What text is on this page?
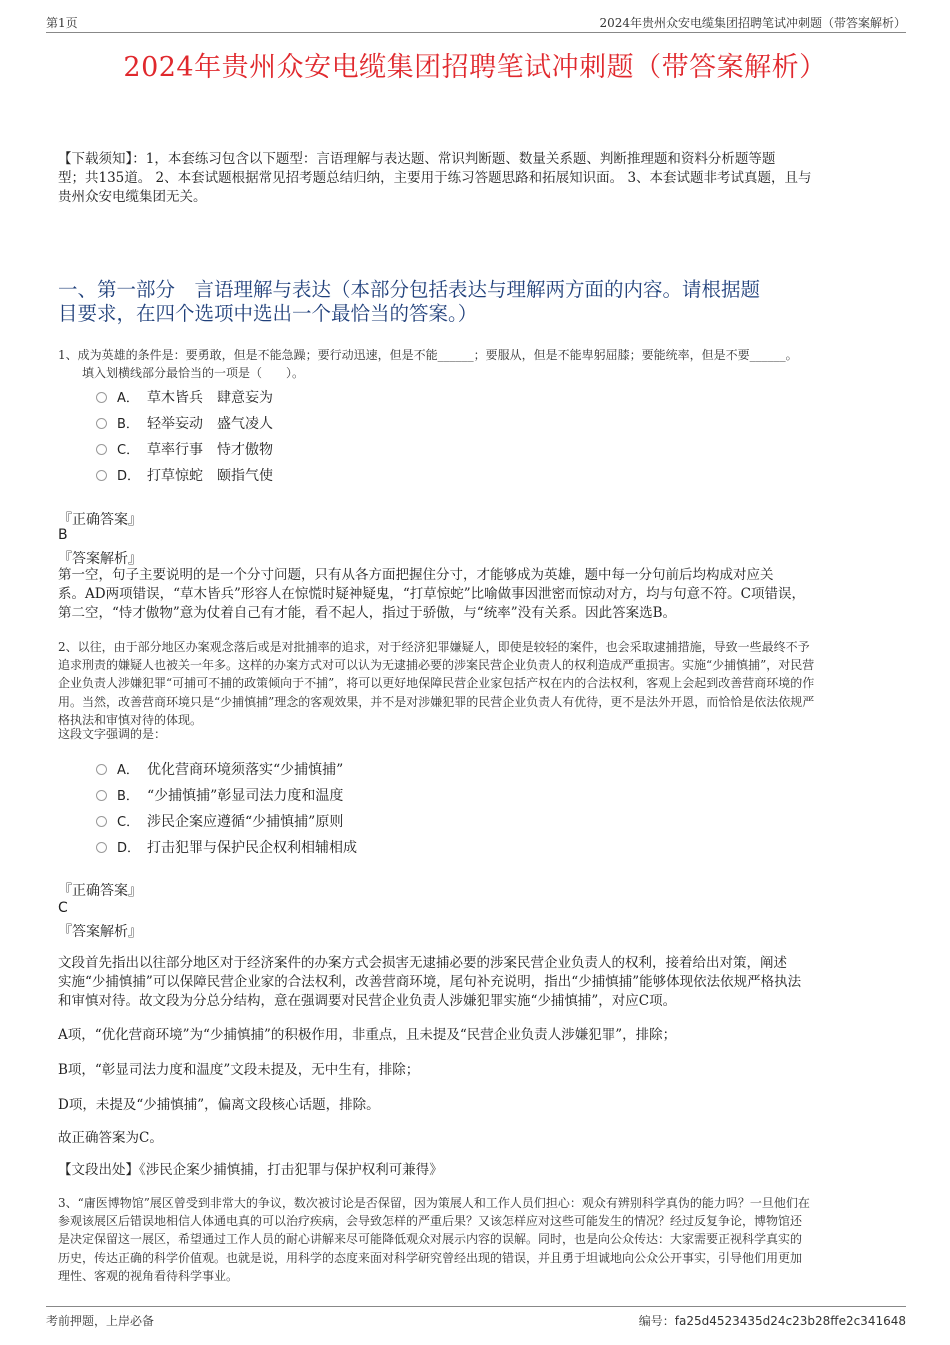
第1页	2024年贵州众安电缆集团招聘笔试冲刺题（带答案解析）
2024年贵州众安电缆集团招聘笔试冲刺题（带答案解析）
【下载须知】：1，本套练习包含以下题型：言语理解与表达题、常识判断题、数量关系题、判断推理题和资料分析题等题
型；共135道。 2、本套试题根据常见招考题总结归纳，主要用于练习答题思路和拓展知识面。 3、本套试题非考试真题，且与
贵州众安电缆集团无关。
一、第一部分　言语理解与表达（本部分包括表达与理解两方面的内容。请根据题
目要求，在四个选项中选出一个最恰当的答案。）
1、成为英雄的条件是：要勇敢，但是不能急躁；要行动迅速，但是不能______；要服从，但是不能卑躬屈膝；要能统率，但是不要______。
　　填入划横线部分最恰当的一项是（　　）。
A． 草木皆兵　肆意妄为
B． 轻举妄动　盛气凌人
C． 草率行事　恃才傲物
D． 打草惊蛇　颐指气使
『正确答案』
B
『答案解析』
第一空，句子主要说明的是一个分寸问题，只有从各方面把握住分寸，才能够成为英雄，题中每一分句前后均构成对应关
系。AD两项错误，“草木皆兵”形容人在惊慌时疑神疑鬼，“打草惊蛇”比喻做事因泄密而惊动对方，均与句意不符。C项错误，
第二空，“恃才傲物”意为仗着自己有才能，看不起人，指过于骄傲，与“统率”没有关系。因此答案选B。
2、以往，由于部分地区办案观念落后或是对批捕率的追求，对于经济犯罪嫌疑人，即使是较轻的案件，也会采取逮捕措施，导致一些最终不予
追求刑责的嫌疑人也被关一年多。这样的办案方式对可以认为无逮捕必要的涉案民营企业负责人的权利造成严重损害。实施“少捕慎捕”，对民营
企业负责人涉嫌犯罪“可捕可不捕的政策倾向于不捕”，将可以更好地保障民营企业家包括产权在内的合法权利，客观上会起到改善营商环境的作
用。当然，改善营商环境只是“少捕慎捕”理念的客观效果，并不是对涉嫌犯罪的民营企业负责人有优待，更不是法外开恩，而恰恰是依法依规严
格执法和审慎对待的体现。
这段文字强调的是：
A． 优化营商环境须落实“少捕慎捕”
B． “少捕慎捕”彰显司法力度和温度
C． 涉民企案应遵循“少捕慎捕”原则
D． 打击犯罪与保护民企权利相辅相成
『正确答案』
C
『答案解析』
文段首先指出以往部分地区对于经济案件的办案方式会损害无逮捕必要的涉案民营企业负责人的权利，接着给出对策，阐述
实施“少捕慎捕”可以保障民营企业家的合法权利，改善营商环境，尾句补充说明，指出“少捕慎捕”能够体现依法依规严格执法
和审慎对待。故文段为分总分结构，意在强调要对民营企业负责人涉嫌犯罪实施“少捕慎捕”，对应C项。
A项，“优化营商环境”为“少捕慎捕”的积极作用，非重点，且未提及“民营企业负责人涉嫌犯罪”，排除；
B项，“彰显司法力度和温度”文段未提及，无中生有，排除；
D项，未提及“少捕慎捕”，偏离文段核心话题，排除。
故正确答案为C。
【文段出处】《涉民企案少捕慎捕，打击犯罪与保护权利可兼得》
3、“庸医博物馆”展区曾受到非常大的争议，数次被讨论是否保留，因为策展人和工作人员们担心：观众有辨别科学真伪的能力吗？一旦他们在
参观该展区后错误地相信人体通电真的可以治疗疾病，会导致怎样的严重后果？又该怎样应对这些可能发生的情况？经过反复争论，博物馆还
是决定保留这一展区，希望通过工作人员的耐心讲解来尽可能降低观众对展示内容的误解。同时，也是向公众传达：大家需要正视科学真实的
历史，传达正确的科学价值观。也就是说，用科学的态度来面对科学研究曾经出现的错误，并且勇于坦诚地向公众公开事实，引导他们用更加
理性、客观的视角看待科学事业。
考前押题，上岸必备	编号：fa25d4523435d24c23b28ffe2c341648
